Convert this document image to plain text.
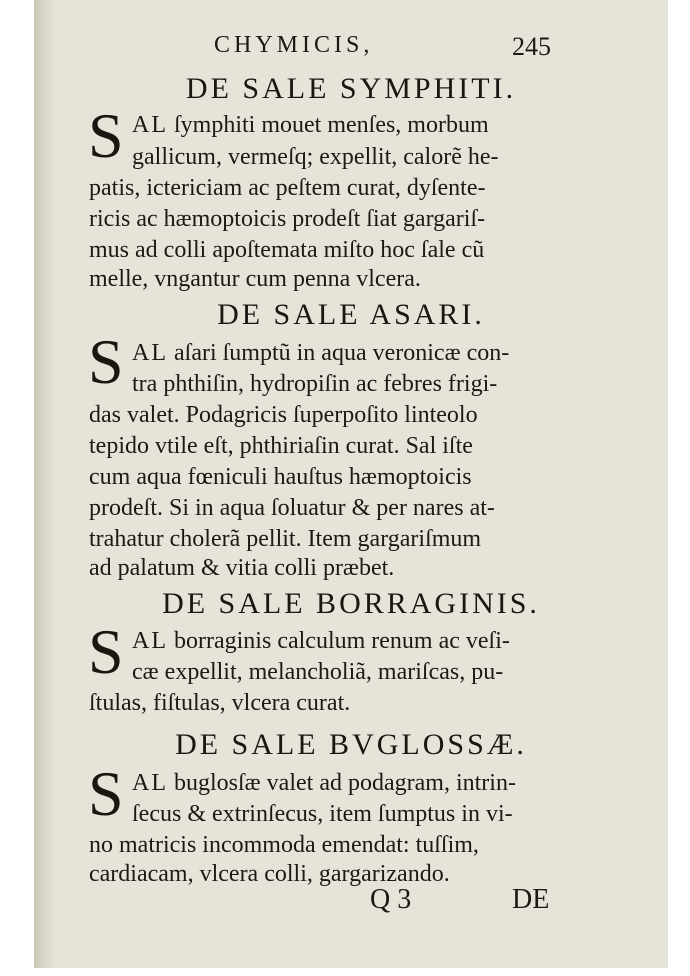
CHYMICIS,	245
DE SALE SYMPHITI.
S AL ſymphiti mouet menſes, morbum
gallicum, vermeſq; expellit, calorẽ he-
patis, ictericiam ac peſtem curat, dyſente-
ricis ac hæmoptoicis prodeſt ſiat gargariſ-
mus ad colli apoſtemata miſto hoc ſale cũ
melle, vngantur cum penna vlcera.
DE SALE ASARI.
S AL aſari ſumptũ in aqua veronicæ con-
tra phthiſin, hydropiſin ac febres frigi-
das valet. Podagricis ſuperpoſito linteolo
tepido vtile eſt, phthiriaſin curat. Sal iſte
cum aqua fœniculi hauſtus hæmoptoicis
prodeſt. Si in aqua ſoluatur & per nares at-
trahatur cholerã pellit. Item gargariſmum
ad palatum & vitia colli præbet.
DE SALE BORRAGINIS.
S AL borraginis calculum renum ac veſi-
cæ expellit, melancholiã, mariſcas, pu-
ſtulas, fiſtulas, vlcera curat.
DE SALE BVGLOSSÆ.
S AL buglosſæ valet ad podagram, intrin-
ſecus & extrinſecus, item ſumptus in vi-
no matricis incommoda emendat: tuſſim,
cardiacam, vlcera colli, gargarizando.
Q 3	DE
